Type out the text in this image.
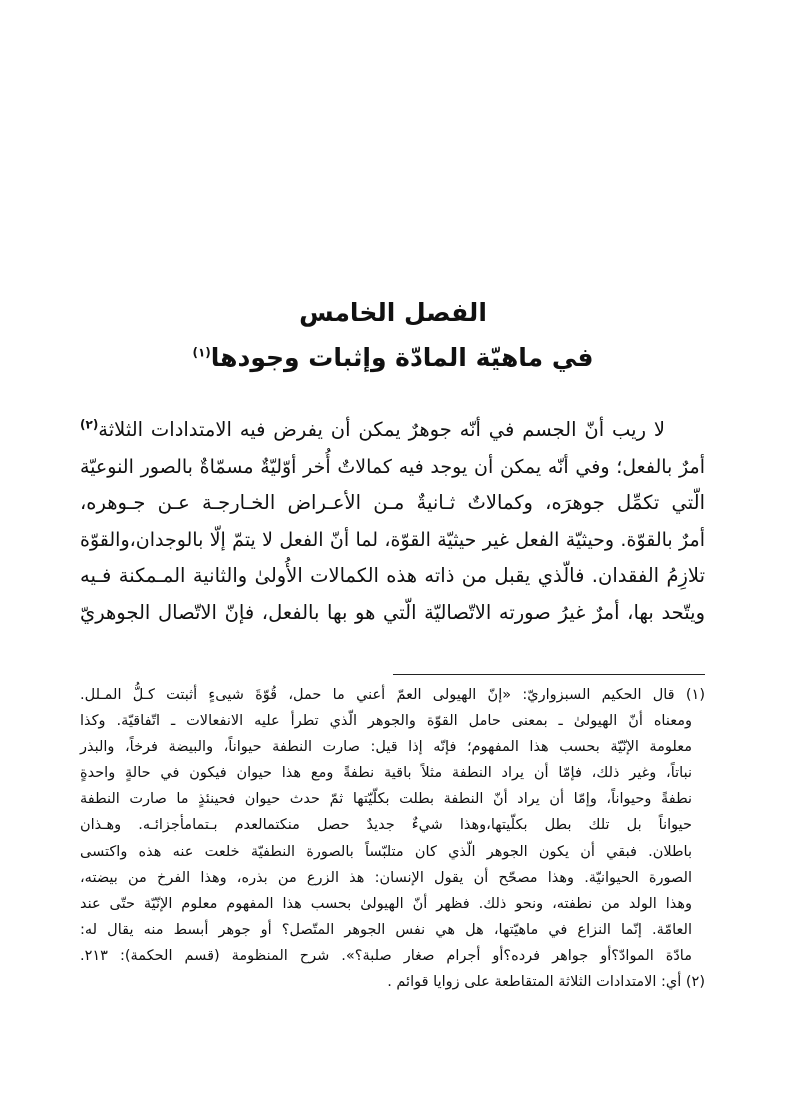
الفصل الخامس
في ماهيّة المادّة وإثبات وجودها$^{(١)}$
لا ريب أنّ الجسم في أنّه جوهرٌ يمكن أن يفرض فيه الامتدادات الثلاثة$^{(٢)}$
أمرٌ بالفعل؛ وفي أنّه يمكن أن يوجد فيه كمالاتٌ أُخر أوّليّةٌ مسمّاةٌ بالصور النوعيّة
الّتي تكمِّل جوهرَه، وكمالاتٌ ثـانيةٌ مـن الأعـراض الخـارجـة عـن جـوهره،
أمرٌ بالقوّة. وحيثيّة الفعل غير حيثيّة القوّة، لما أنّ الفعل لا يتمّ إلّا بالوجدان،والقوّة
تلازِمُ الفقدان. فالّذي يقبل من ذاته هذه الكمالات الأُولىٰ والثانية المـمكنة فـيه
ويتّحد بها، أمرٌ غيرُ صورته الاتّصاليّة الّتي هو بها بالفعل، فإنّ الاتّصال الجوهريّ
(١) قال الحكيم السبزواريّ: «إنّ الهيولى العمّ أعني ما حمل، قُوّةَ شيىءٍ أثبتت كـلُّ المـلل.
ومعناه أنّ الهيولىٰ ـ بمعنى حامل القوّة والجوهر الّذي تطرأ عليه الانفعالات ـ اتّفاقيّة. وكذا
معلومة الإنّيّة بحسب هذا المفهوم؛ فإنّه إذا قيل: صارت النطفة حيواناً، والبيضة فرخاً، والبذر
نباتاً، وغير ذلك، فإمّا أن يراد النطفة مثلاً باقية نطفةً ومع هذا حيوان فيكون في حالةٍ واحدةٍ
نطفةً وحيواناً، وإمّا أن يراد أنّ النطفة بطلت بكلّيّتها ثمّ حدث حيوان فحينئذٍ ما صارت النطفة
حيواناً بل تلك بطل بكلّيتها،وهذا شيءٌ جديدٌ حصل منكتمالعدم بـتمامأجزائـه. وهـذان
باطلان. فبقي أن يكون الجوهر الّذي كان متلبّساً بالصورة النطفيّة خلعت عنه هذه واكتسى
الصورة الحيوانيّة. وهذا مصحّح أن يقول الإنسان: هذ الزرع من بذره، وهذا الفرخ من بيضته،
وهذا الولد من نطفته، ونحو ذلك. فظهر أنّ الهيولىٰ بحسب هذا المفهوم معلوم الإنّيّة حتّى عند
العامّة. إنّما النزاع في ماهيّتها، هل هي نفس الجوهر المتّصل؟ أو جوهر أبسط منه يقال له:
مادّة الموادّ؟أو جواهر فرده؟أو أجرام صغار صلبة؟». شرح المنظومة (قسم الحكمة): ٢١٣.
(٢) أي: الامتدادات الثلاثة المتقاطعة على زوايا قوائم .
